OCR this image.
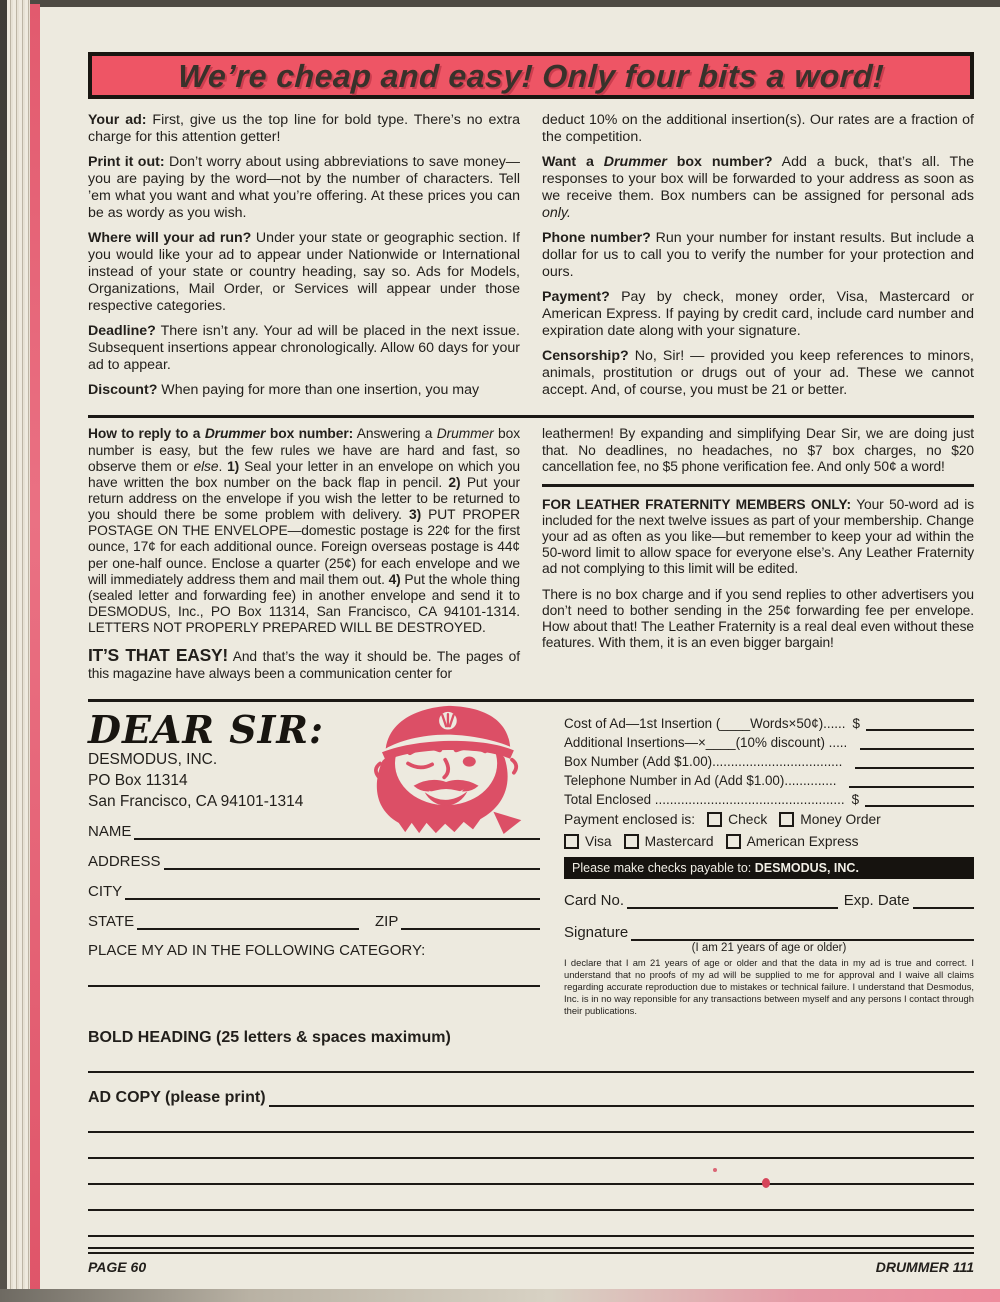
We’re cheap and easy! Only four bits a word!

Your ad: First, give us the top line for bold type. There’s no extra charge for this attention getter!

Print it out: Don’t worry about using abbreviations to save money—you are paying by the word—not by the number of characters. Tell ’em what you want and what you’re offering. At these prices you can be as wordy as you wish.

Where will your ad run? Under your state or geographic section. If you would like your ad to appear under Nationwide or International instead of your state or country heading, say so. Ads for Models, Organizations, Mail Order, or Services will appear under those respective categories.

Deadline? There isn’t any. Your ad will be placed in the next issue. Subsequent insertions appear chronologically. Allow 60 days for your ad to appear.

Discount? When paying for more than one insertion, you may

deduct 10% on the additional insertion(s). Our rates are a fraction of the competition.

Want a Drummer box number? Add a buck, that’s all. The responses to your box will be forwarded to your address as soon as we receive them. Box numbers can be assigned for personal ads only.

Phone number? Run your number for instant results. But include a dollar for us to call you to verify the number for your protection and ours.

Payment? Pay by check, money order, Visa, Mastercard or American Express. If paying by credit card, include card number and expiration date along with your signature.

Censorship? No, Sir! — provided you keep references to minors, animals, prostitution or drugs out of your ad. These we cannot accept. And, of course, you must be 21 or better.

How to reply to a Drummer box number: Answering a Drummer box number is easy, but the few rules we have are hard and fast, so observe them or else. 1) Seal your letter in an envelope on which you have written the box number on the back flap in pencil. 2) Put your return address on the envelope if you wish the letter to be returned to you should there be some problem with delivery. 3) PUT PROPER POSTAGE ON THE ENVELOPE—domestic postage is 22¢ for the first ounce, 17¢ for each additional ounce. Foreign overseas postage is 44¢ per one-half ounce. Enclose a quarter (25¢) for each envelope and we will immediately address them and mail them out. 4) Put the whole thing (sealed letter and forwarding fee) in another envelope and send it to DESMODUS, Inc., PO Box 11314, San Francisco, CA 94101-1314. LETTERS NOT PROPERLY PREPARED WILL BE DESTROYED.

IT’S THAT EASY! And that’s the way it should be. The pages of this magazine have always been a communication center for

leathermen! By expanding and simplifying Dear Sir, we are doing just that. No deadlines, no headaches, no $7 box charges, no $20 cancellation fee, no $5 phone verification fee. And only 50¢ a word!

FOR LEATHER FRATERNITY MEMBERS ONLY: Your 50-word ad is included for the next twelve issues as part of your membership. Change your ad as often as you like—but remember to keep your ad within the 50-word limit to allow space for everyone else’s. Any Leather Fraternity ad not complying to this limit will be edited.

There is no box charge and if you send replies to other advertisers you don’t need to bother sending in the 25¢ forwarding fee per envelope. How about that! The Leather Fraternity is a real deal even without these features. With them, it is an even bigger bargain!

DEAR SIR:
DESMODUS, INC.
PO Box 11314
San Francisco, CA 94101-1314
NAME
ADDRESS
CITY
STATE	ZIP
PLACE MY AD IN THE FOLLOWING CATEGORY:
Cost of Ad—1st Insertion (____Words×50¢)...... $
Additional Insertions—×____(10% discount) .....
Box Number (Add $1.00)...................................
Telephone Number in Ad (Add $1.00)..............
Total Enclosed ................................................... $
Payment enclosed is: Check Money Order
Visa Mastercard American Express
Please make checks payable to: DESMODUS, INC.
Card No.	Exp. Date
Signature
(I am 21 years of age or older)
I declare that I am 21 years of age or older and that the data in my ad is true and correct. I understand that no proofs of my ad will be supplied to me for approval and I waive all claims regarding accurate reproduction due to mistakes or technical failure. I understand that Desmodus, Inc. is in no way reponsible for any transactions between myself and any persons I contact through their publications.
BOLD HEADING (25 letters & spaces maximum)
AD COPY (please print)
PAGE 60	DRUMMER 111
